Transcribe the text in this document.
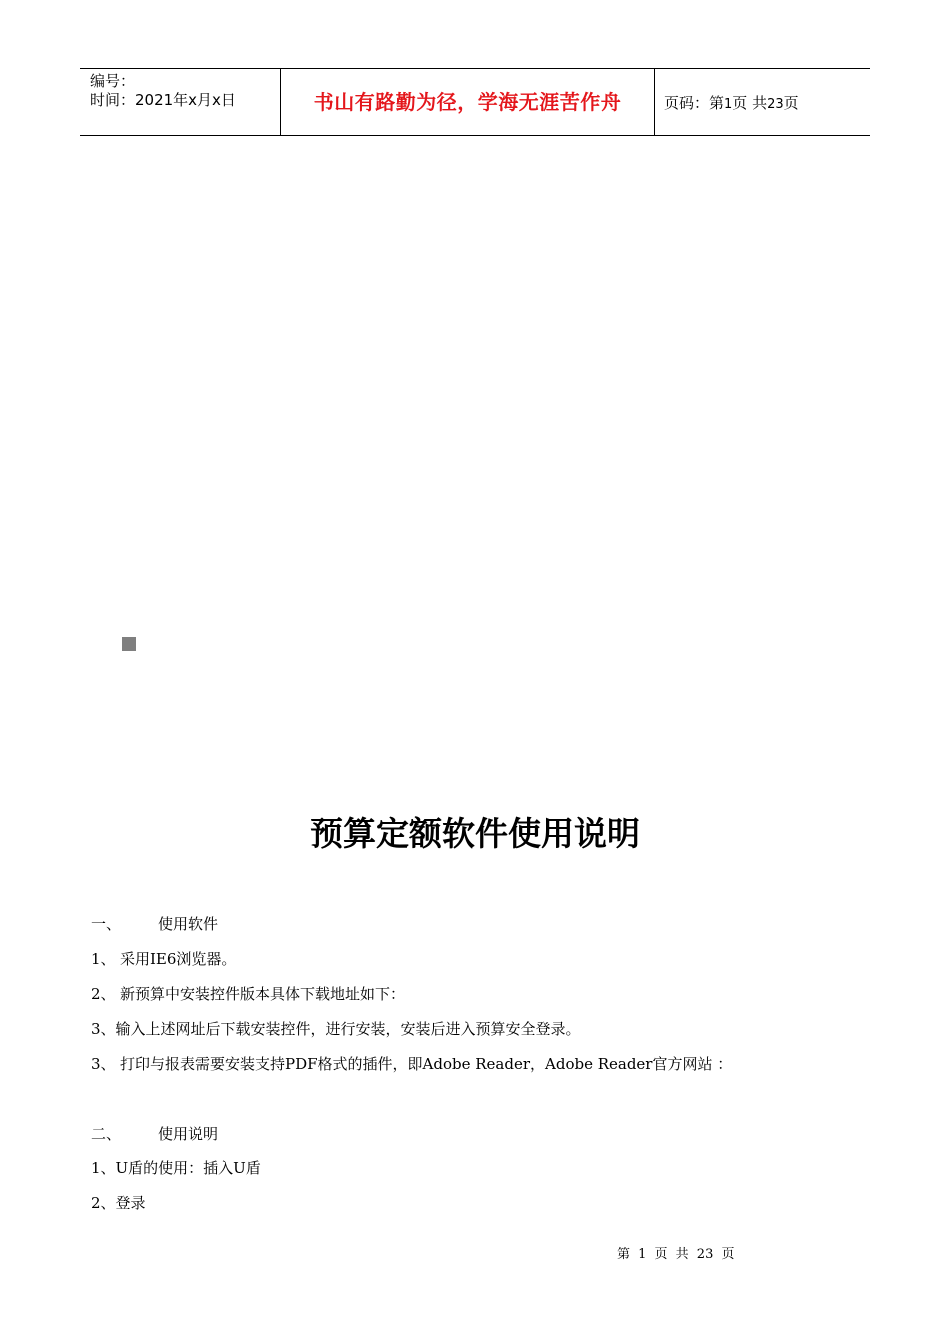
编号：
时间：2021年x月x日	书山有路勤为径，学海无涯苦作舟	页码：第1页 共23页
预算定额软件使用说明
一、 使用软件
1、 采用IE6浏览器。
2、 新预算中安装控件版本具体下载地址如下：
3、输入上述网址后下载安装控件，进行安装，安装后进入预算安全登录。
3、 打印与报表需要安装支持PDF格式的插件，即Adobe Reader，Adobe Reader官方网站 ：
二、 使用说明
1、U盾的使用：插入U盾
2、登录
第 1 页 共 23 页
